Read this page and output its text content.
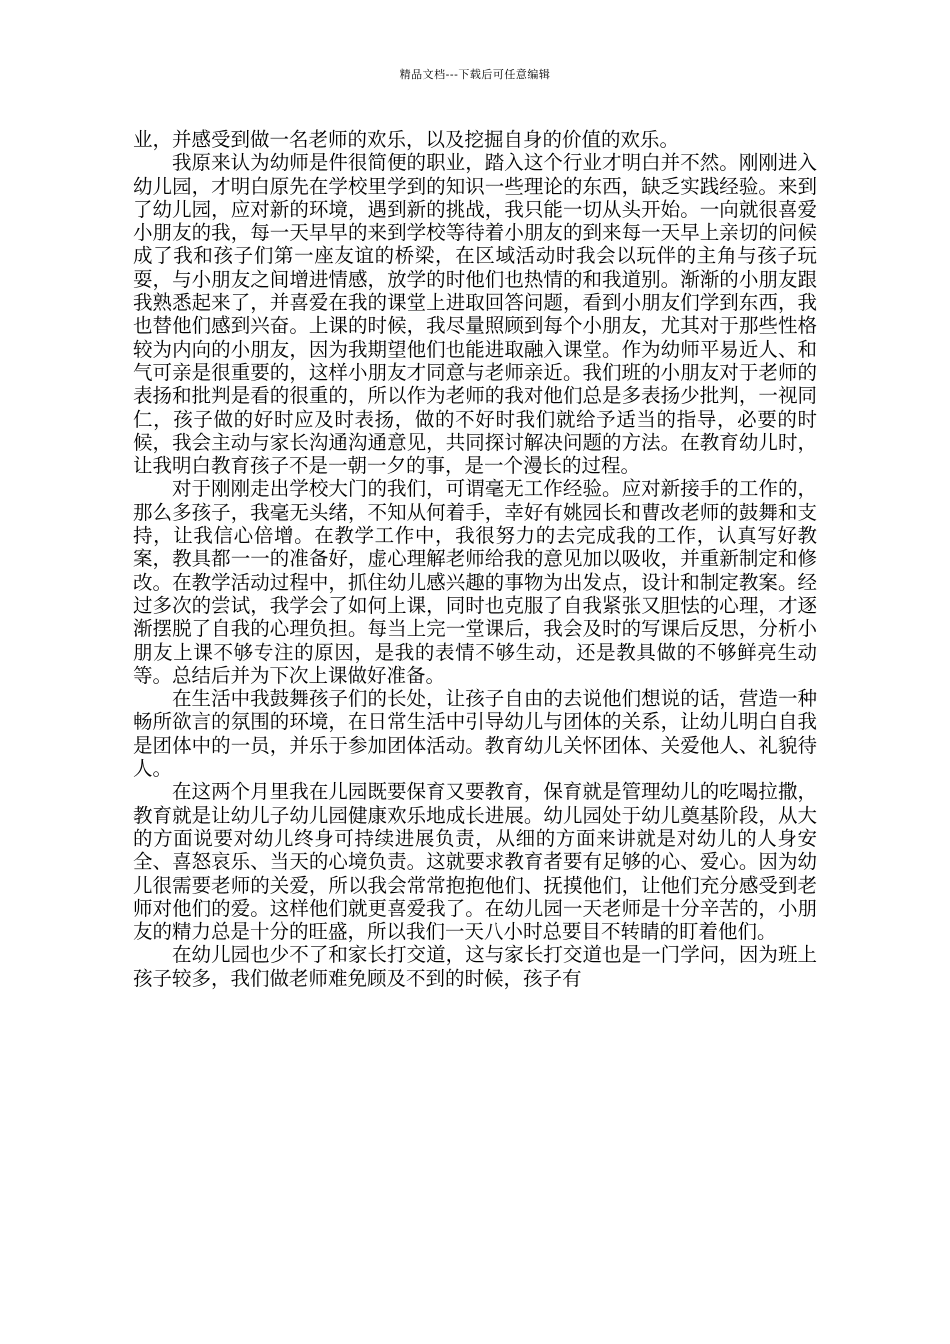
精品文档---下载后可任意编辑

业，并感受到做一名老师的欢乐，以及挖掘自身的价值的欢乐。

我原来认为幼师是件很简便的职业，踏入这个行业才明白并不然。刚刚进入幼儿园，才明白原先在学校里学到的知识一些理论的东西，缺乏实践经验。来到了幼儿园，应对新的环境，遇到新的挑战，我只能一切从头开始。一向就很喜爱小朋友的我，每一天早早的来到学校等待着小朋友的到来每一天早上亲切的问候成了我和孩子们第一座友谊的桥梁，在区域活动时我会以玩伴的主角与孩子玩耍，与小朋友之间增进情感，放学的时他们也热情的和我道别。渐渐的小朋友跟我熟悉起来了，并喜爱在我的课堂上进取回答问题，看到小朋友们学到东西，我也替他们感到兴奋。上课的时候，我尽量照顾到每个小朋友，尤其对于那些性格较为内向的小朋友，因为我期望他们也能进取融入课堂。作为幼师平易近人、和气可亲是很重要的，这样小朋友才同意与老师亲近。我们班的小朋友对于老师的表扬和批判是看的很重的，所以作为老师的我对他们总是多表扬少批判，一视同仁，孩子做的好时应及时表扬，做的不好时我们就给予适当的指导，必要的时候，我会主动与家长沟通沟通意见，共同探讨解决问题的方法。在教育幼儿时，让我明白教育孩子不是一朝一夕的事，是一个漫长的过程。

对于刚刚走出学校大门的我们，可谓毫无工作经验。应对新接手的工作的，那么多孩子，我毫无头绪，不知从何着手，幸好有姚园长和曹改老师的鼓舞和支持，让我信心倍增。在教学工作中，我很努力的去完成我的工作，认真写好教案，教具都一一的准备好，虚心理解老师给我的意见加以吸收，并重新制定和修改。在教学活动过程中，抓住幼儿感兴趣的事物为出发点，设计和制定教案。经过多次的尝试，我学会了如何上课，同时也克服了自我紧张又胆怯的心理，才逐渐摆脱了自我的心理负担。每当上完一堂课后，我会及时的写课后反思，分析小朋友上课不够专注的原因，是我的表情不够生动，还是教具做的不够鲜亮生动等。总结后并为下次上课做好准备。

在生活中我鼓舞孩子们的长处，让孩子自由的去说他们想说的话，营造一种畅所欲言的氛围的环境，在日常生活中引导幼儿与团体的关系，让幼儿明白自我是团体中的一员，并乐于参加团体活动。教育幼儿关怀团体、关爱他人、礼貌待人。

在这两个月里我在儿园既要保育又要教育，保育就是管理幼儿的吃喝拉撒，教育就是让幼儿子幼儿园健康欢乐地成长进展。幼儿园处于幼儿奠基阶段，从大的方面说要对幼儿终身可持续进展负责，从细的方面来讲就是对幼儿的人身安全、喜怒哀乐、当天的心境负责。这就要求教育者要有足够的心、爱心。因为幼儿很需要老师的关爱，所以我会常常抱抱他们、抚摸他们，让他们充分感受到老师对他们的爱。这样他们就更喜爱我了。在幼儿园一天老师是十分辛苦的，小朋友的精力总是十分的旺盛，所以我们一天八小时总要目不转睛的盯着他们。

在幼儿园也少不了和家长打交道，这与家长打交道也是一门学问，因为班上孩子较多，我们做老师难免顾及不到的时候，孩子有
